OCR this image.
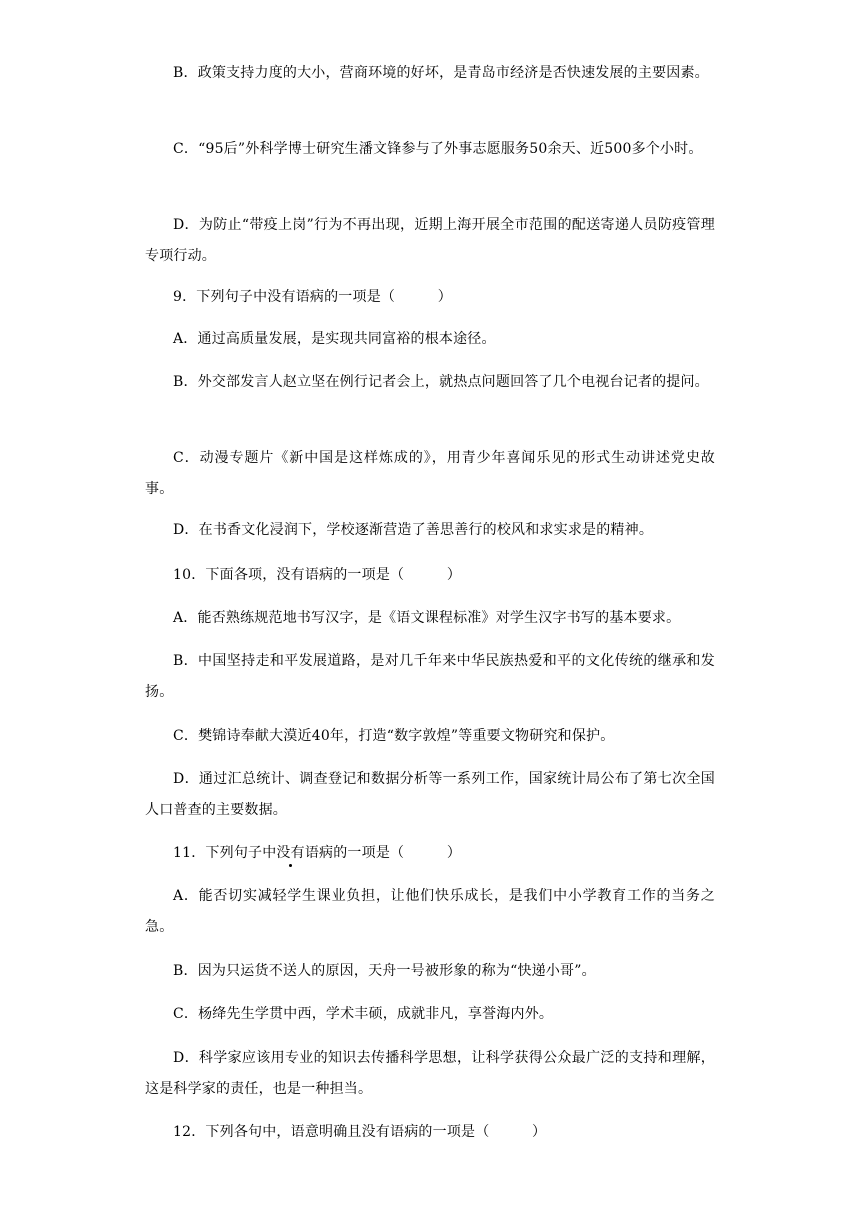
B．政策支持力度的大小，营商环境的好坏，是青岛市经济是否快速发展的主要因素。

C．“95后”外科学博士研究生潘文锋参与了外事志愿服务50余天、近500多个小时。

D．为防止“带疫上岗”行为不再出现，近期上海开展全市范围的配送寄递人员防疫管理专项行动。

9．下列句子中没有语病的一项是（　　　）

A．通过高质量发展，是实现共同富裕的根本途径。

B．外交部发言人赵立坚在例行记者会上，就热点问题回答了几个电视台记者的提问。

C．动漫专题片《新中国是这样炼成的》，用青少年喜闻乐见的形式生动讲述党史故事。

D．在书香文化浸润下，学校逐渐营造了善思善行的校风和求实求是的精神。

10．下面各项，没有语病的一项是（　　　）

A．能否熟练规范地书写汉字，是《语文课程标准》对学生汉字书写的基本要求。

B．中国坚持走和平发展道路，是对几千年来中华民族热爱和平的文化传统的继承和发扬。

C．樊锦诗奉献大漠近40年，打造“数字敦煌”等重要文物研究和保护。

D．通过汇总统计、调查登记和数据分析等一系列工作，国家统计局公布了第七次全国人口普查的主要数据。

11．下列句子中没有语病的一项是（　　　）

A．能否切实减轻学生课业负担，让他们快乐成长，是我们中小学教育工作的当务之急。

B．因为只运货不送人的原因，天舟一号被形象的称为“快递小哥”。

C．杨绛先生学贯中西，学术丰硕，成就非凡，享誉海内外。

D．科学家应该用专业的知识去传播科学思想，让科学获得公众最广泛的支持和理解，这是科学家的责任，也是一种担当。

12．下列各句中，语意明确且没有语病的一项是（　　　）
